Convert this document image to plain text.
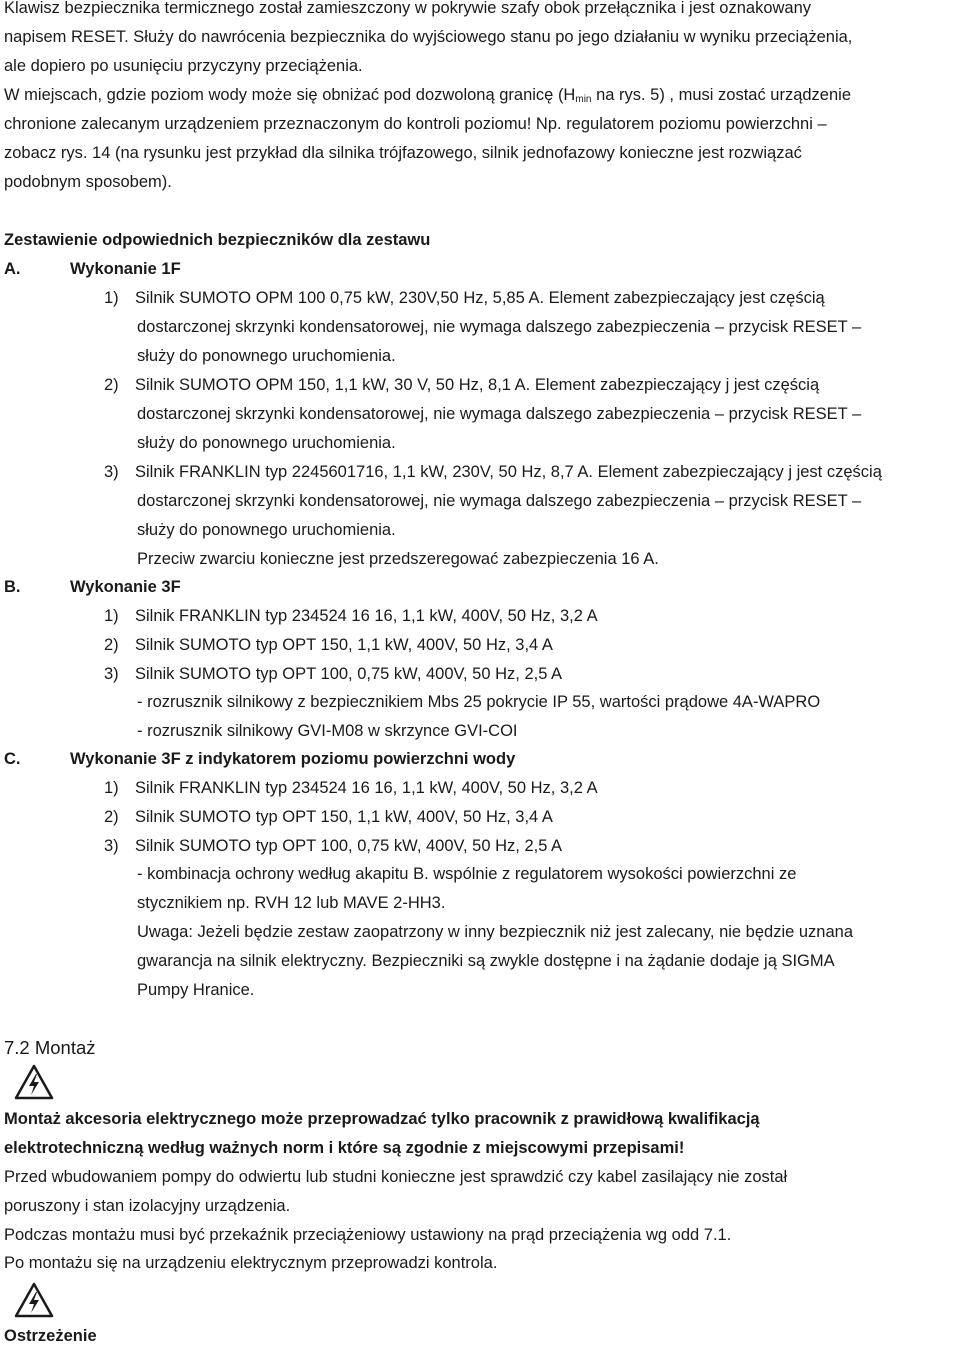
Klawisz bezpiecznika termicznego został zamieszczony w pokrywie szafy obok przełącznika i jest oznakowany
napisem RESET. Służy do nawrócenia bezpiecznika do wyjściowego stanu po jego działaniu w wyniku przeciążenia,
ale dopiero po usunięciu przyczyny przeciążenia.
W miejscach, gdzie poziom wody może się obniżać pod dozwoloną granicę ($H_{min}$ na rys. 5) , musi zostać urządzenie
chronione zalecanym urządzeniem przeznaczonym do kontroli poziomu! Np. regulatorem poziomu powierzchni –
zobacz rys. 14 (na rysunku jest przykład dla silnika trójfazowego, silnik jednofazowy konieczne jest rozwiązać
podobnym sposobem).
Zestawienie odpowiednich bezpieczników dla zestawu
A.	Wykonanie 1F
1) Silnik SUMOTO OPM 100 0,75 kW, 230V,50 Hz, 5,85 A. Element zabezpieczający jest częścią
dostarczonej skrzynki kondensatorowej, nie wymaga dalszego zabezpieczenia – przycisk RESET –
służy do ponownego uruchomienia.
2) Silnik SUMOTO OPM 150, 1,1 kW, 30 V, 50 Hz, 8,1 A. Element zabezpieczający j jest częścią
dostarczonej skrzynki kondensatorowej, nie wymaga dalszego zabezpieczenia – przycisk RESET –
służy do ponownego uruchomienia.
3) Silnik FRANKLIN typ 2245601716, 1,1 kW, 230V, 50 Hz, 8,7 A. Element zabezpieczający j jest częścią
dostarczonej skrzynki kondensatorowej, nie wymaga dalszego zabezpieczenia – przycisk RESET –
służy do ponownego uruchomienia.
Przeciw zwarciu konieczne jest przedszeregować zabezpieczenia 16 A.
B.	Wykonanie 3F
1) Silnik FRANKLIN typ 234524 16 16, 1,1 kW, 400V, 50 Hz, 3,2 A
2) Silnik SUMOTO typ OPT 150, 1,1 kW, 400V, 50 Hz, 3,4 A
3) Silnik SUMOTO typ OPT 100, 0,75 kW, 400V, 50 Hz, 2,5 A
- rozrusznik silnikowy z bezpiecznikiem Mbs 25 pokrycie IP 55, wartości prądowe 4A-WAPRO
- rozrusznik silnikowy GVI-M08 w skrzynce GVI-COI
C.	Wykonanie 3F z indykatorem poziomu powierzchni wody
1) Silnik FRANKLIN typ 234524 16 16, 1,1 kW, 400V, 50 Hz, 3,2 A
2) Silnik SUMOTO typ OPT 150, 1,1 kW, 400V, 50 Hz, 3,4 A
3) Silnik SUMOTO typ OPT 100, 0,75 kW, 400V, 50 Hz, 2,5 A
- kombinacja ochrony według akapitu B. wspólnie z regulatorem wysokości powierzchni ze
stycznikiem np. RVH 12 lub MAVE 2-HH3.
Uwaga: Jeżeli będzie zestaw zaopatrzony w inny bezpiecznik niż jest zalecany, nie będzie uznana
gwarancja na silnik elektryczny. Bezpieczniki są zwykle dostępne i na żądanie dodaje ją SIGMA
Pumpy Hranice.
7.2 Montaż
Montaż akcesoria elektrycznego może przeprowadzać tylko pracownik z prawidłową kwalifikacją
elektrotechniczną według ważnych norm i które są zgodnie z miejscowymi przepisami!
Przed wbudowaniem pompy do odwiertu lub studni konieczne jest sprawdzić czy kabel zasilający nie został
poruszony i stan izolacyjny urządzenia.
Podczas montażu musi być przekaźnik przeciążeniowy ustawiony na prąd przeciążenia wg odd 7.1.
Po montażu się na urządzeniu elektrycznym przeprowadzi kontrola.
Ostrzeżenie
